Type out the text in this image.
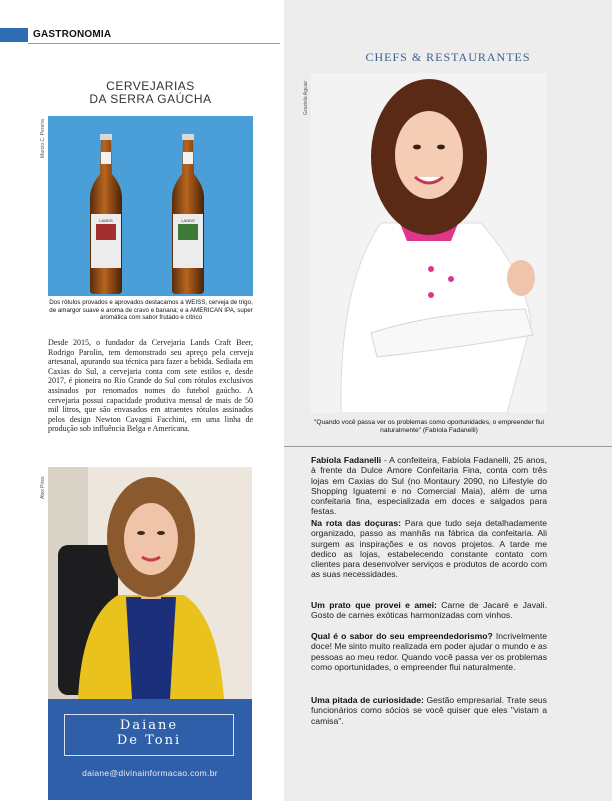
GASTRONOMIA
CERVEJARIAS
DA SERRA GAÚCHA
Marcio C. Pereira
LANDS	LANDS
Dos rótulos provados e aprovados destacamos a WEISS, cerveja de trigo, de amargor suave e aroma de cravo e banana; e a AMERICAN IPA, super aromática com sabor frutado e cítrico
Desde 2015, o fundador da Cervejaria Lands Craft Beer, Rodrigo Parolin, tem demonstrado seu apreço pela cerveja artesanal, apurando sua técnica para fazer a bebida. Sediada em Caxias do Sul, a cervejaria conta com sete estilos e, desde 2017, é pioneira no Rio Grande do Sul com rótulos exclusivos assinados por renomados nomes do futebol gaúcho. A cervejaria possui capacidade produtiva mensal de mais de 50 mil litros, que são envasados em atraentes rótulos assinados pelos design Newton Cavagni Facchini, em uma linha de produção sob influência Belga e Americana.
Alex Pires
Daiane
De Toni
daiane@divinainformacao.com.br
CHEFS & RESTAURANTES
Graziela Aguiar
"Quando você passa ver os problemas como oportunidades, o empreender flui naturalmente" (Fabíola Fadanelli)
Fabíola Fadanelli - A confeiteira, Fabíola Fadanelli, 25 anos, à frente da Dulce Amore Confeitaria Fina, conta com três lojas em Caxias do Sul (no Montaury 2090, no Lifestyle do Shopping Iguatemi e no Comercial Maia), além de uma confeitaria fina, especializada em doces e salgados para festas.
Na rota das doçuras: Para que tudo seja detalhadamente organizado, passo as manhãs na fábrica da confeitaria. Ali surgem as inspirações e os novos projetos. A tarde me dedico as lojas, estabelecendo constante contato com clientes para desenvolver serviços e produtos de acordo com as suas necessidades.
Um prato que provei e amei: Carne de Jacaré e Javali. Gosto de carnes exóticas harmonizadas com vinhos.
Qual é o sabor do seu empreendedorismo? Incrivelmente doce! Me sinto muito realizada em poder ajudar o mundo e as pessoas ao meu redor. Quando você passa ver os problemas como oportunidades, o empreender flui naturalmente.
Uma pitada de curiosidade: Gestão empresarial. Trate seus funcionários como sócios se você quiser que eles "vistam a camisa".
